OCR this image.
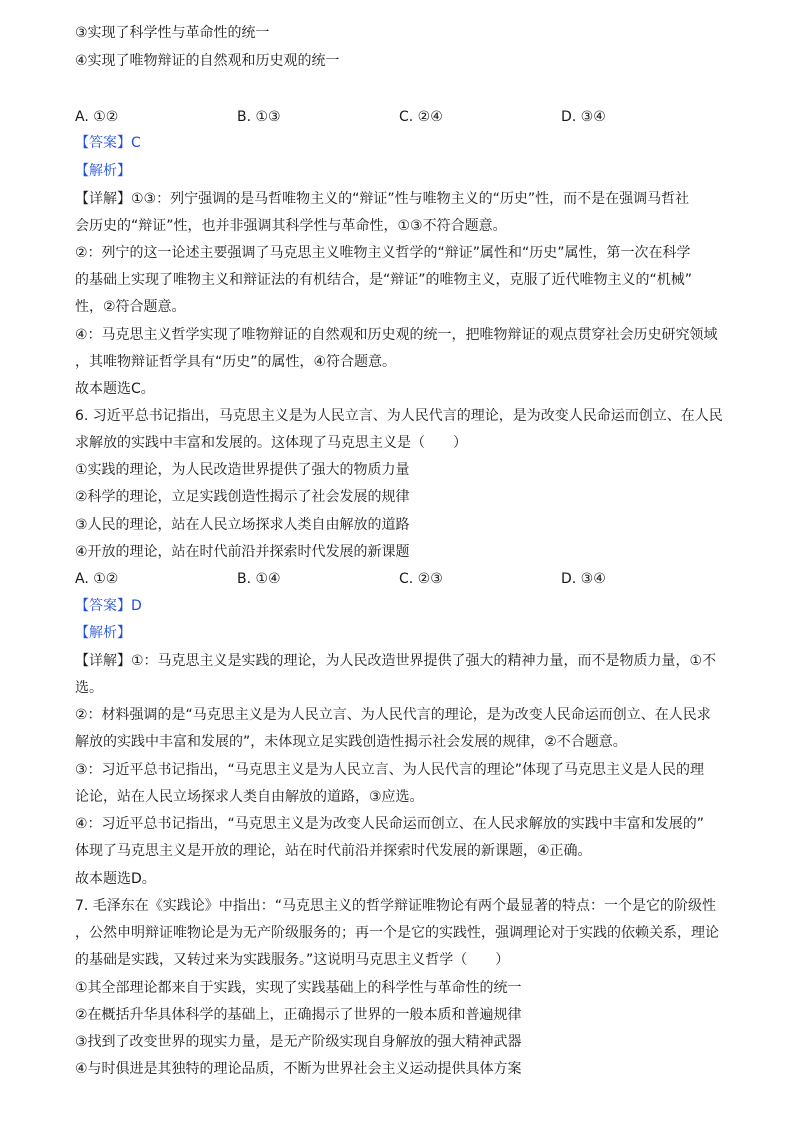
③实现了科学性与革命性的统一
④实现了唯物辩证的自然观和历史观的统一
A. ①②	B. ①③	C. ②④	D. ③④
【答案】C
【解析】
【详解】①③：列宁强调的是马哲唯物主义的“辩证”性与唯物主义的“历史”性，而不是在强调马哲社
会历史的“辩证”性，也并非强调其科学性与革命性，①③不符合题意。
②：列宁的这一论述主要强调了马克思主义唯物主义哲学的“辩证”属性和“历史”属性，第一次在科学
的基础上实现了唯物主义和辩证法的有机结合，是“辩证”的唯物主义，克服了近代唯物主义的“机械”
性，②符合题意。
④：马克思主义哲学实现了唯物辩证的自然观和历史观的统一，把唯物辩证的观点贯穿社会历史研究领域
，其唯物辩证哲学具有“历史”的属性，④符合题意。
故本题选C。
6. 习近平总书记指出，马克思主义是为人民立言、为人民代言的理论，是为改变人民命运而创立、在人民
求解放的实践中丰富和发展的。这体现了马克思主义是（　　）
①实践的理论，为人民改造世界提供了强大的物质力量
②科学的理论，立足实践创造性揭示了社会发展的规律
③人民的理论，站在人民立场探求人类自由解放的道路
④开放的理论，站在时代前沿并探索时代发展的新课题
A. ①②	B. ①④	C. ②③	D. ③④
【答案】D
【解析】
【详解】①：马克思主义是实践的理论，为人民改造世界提供了强大的精神力量，而不是物质力量，①不
选。
②：材料强调的是“马克思主义是为人民立言、为人民代言的理论，是为改变人民命运而创立、在人民求
解放的实践中丰富和发展的”，未体现立足实践创造性揭示社会发展的规律，②不合题意。
③：习近平总书记指出，“马克思主义是为人民立言、为人民代言的理论”体现了马克思主义是人民的理
论论，站在人民立场探求人类自由解放的道路，③应选。
④：习近平总书记指出，“马克思主义是为改变人民命运而创立、在人民求解放的实践中丰富和发展的”
体现了马克思主义是开放的理论，站在时代前沿并探索时代发展的新课题，④正确。
故本题选D。
7. 毛泽东在《实践论》中指出：“马克思主义的哲学辩证唯物论有两个最显著的特点：一个是它的阶级性
，公然申明辩证唯物论是为无产阶级服务的；再一个是它的实践性，强调理论对于实践的依赖关系，理论
的基础是实践，又转过来为实践服务。”这说明马克思主义哲学（　　）
①其全部理论都来自于实践，实现了实践基础上的科学性与革命性的统一
②在概括升华具体科学的基础上，正确揭示了世界的一般本质和普遍规律
③找到了改变世界的现实力量，是无产阶级实现自身解放的强大精神武器
④与时俱进是其独特的理论品质，不断为世界社会主义运动提供具体方案
